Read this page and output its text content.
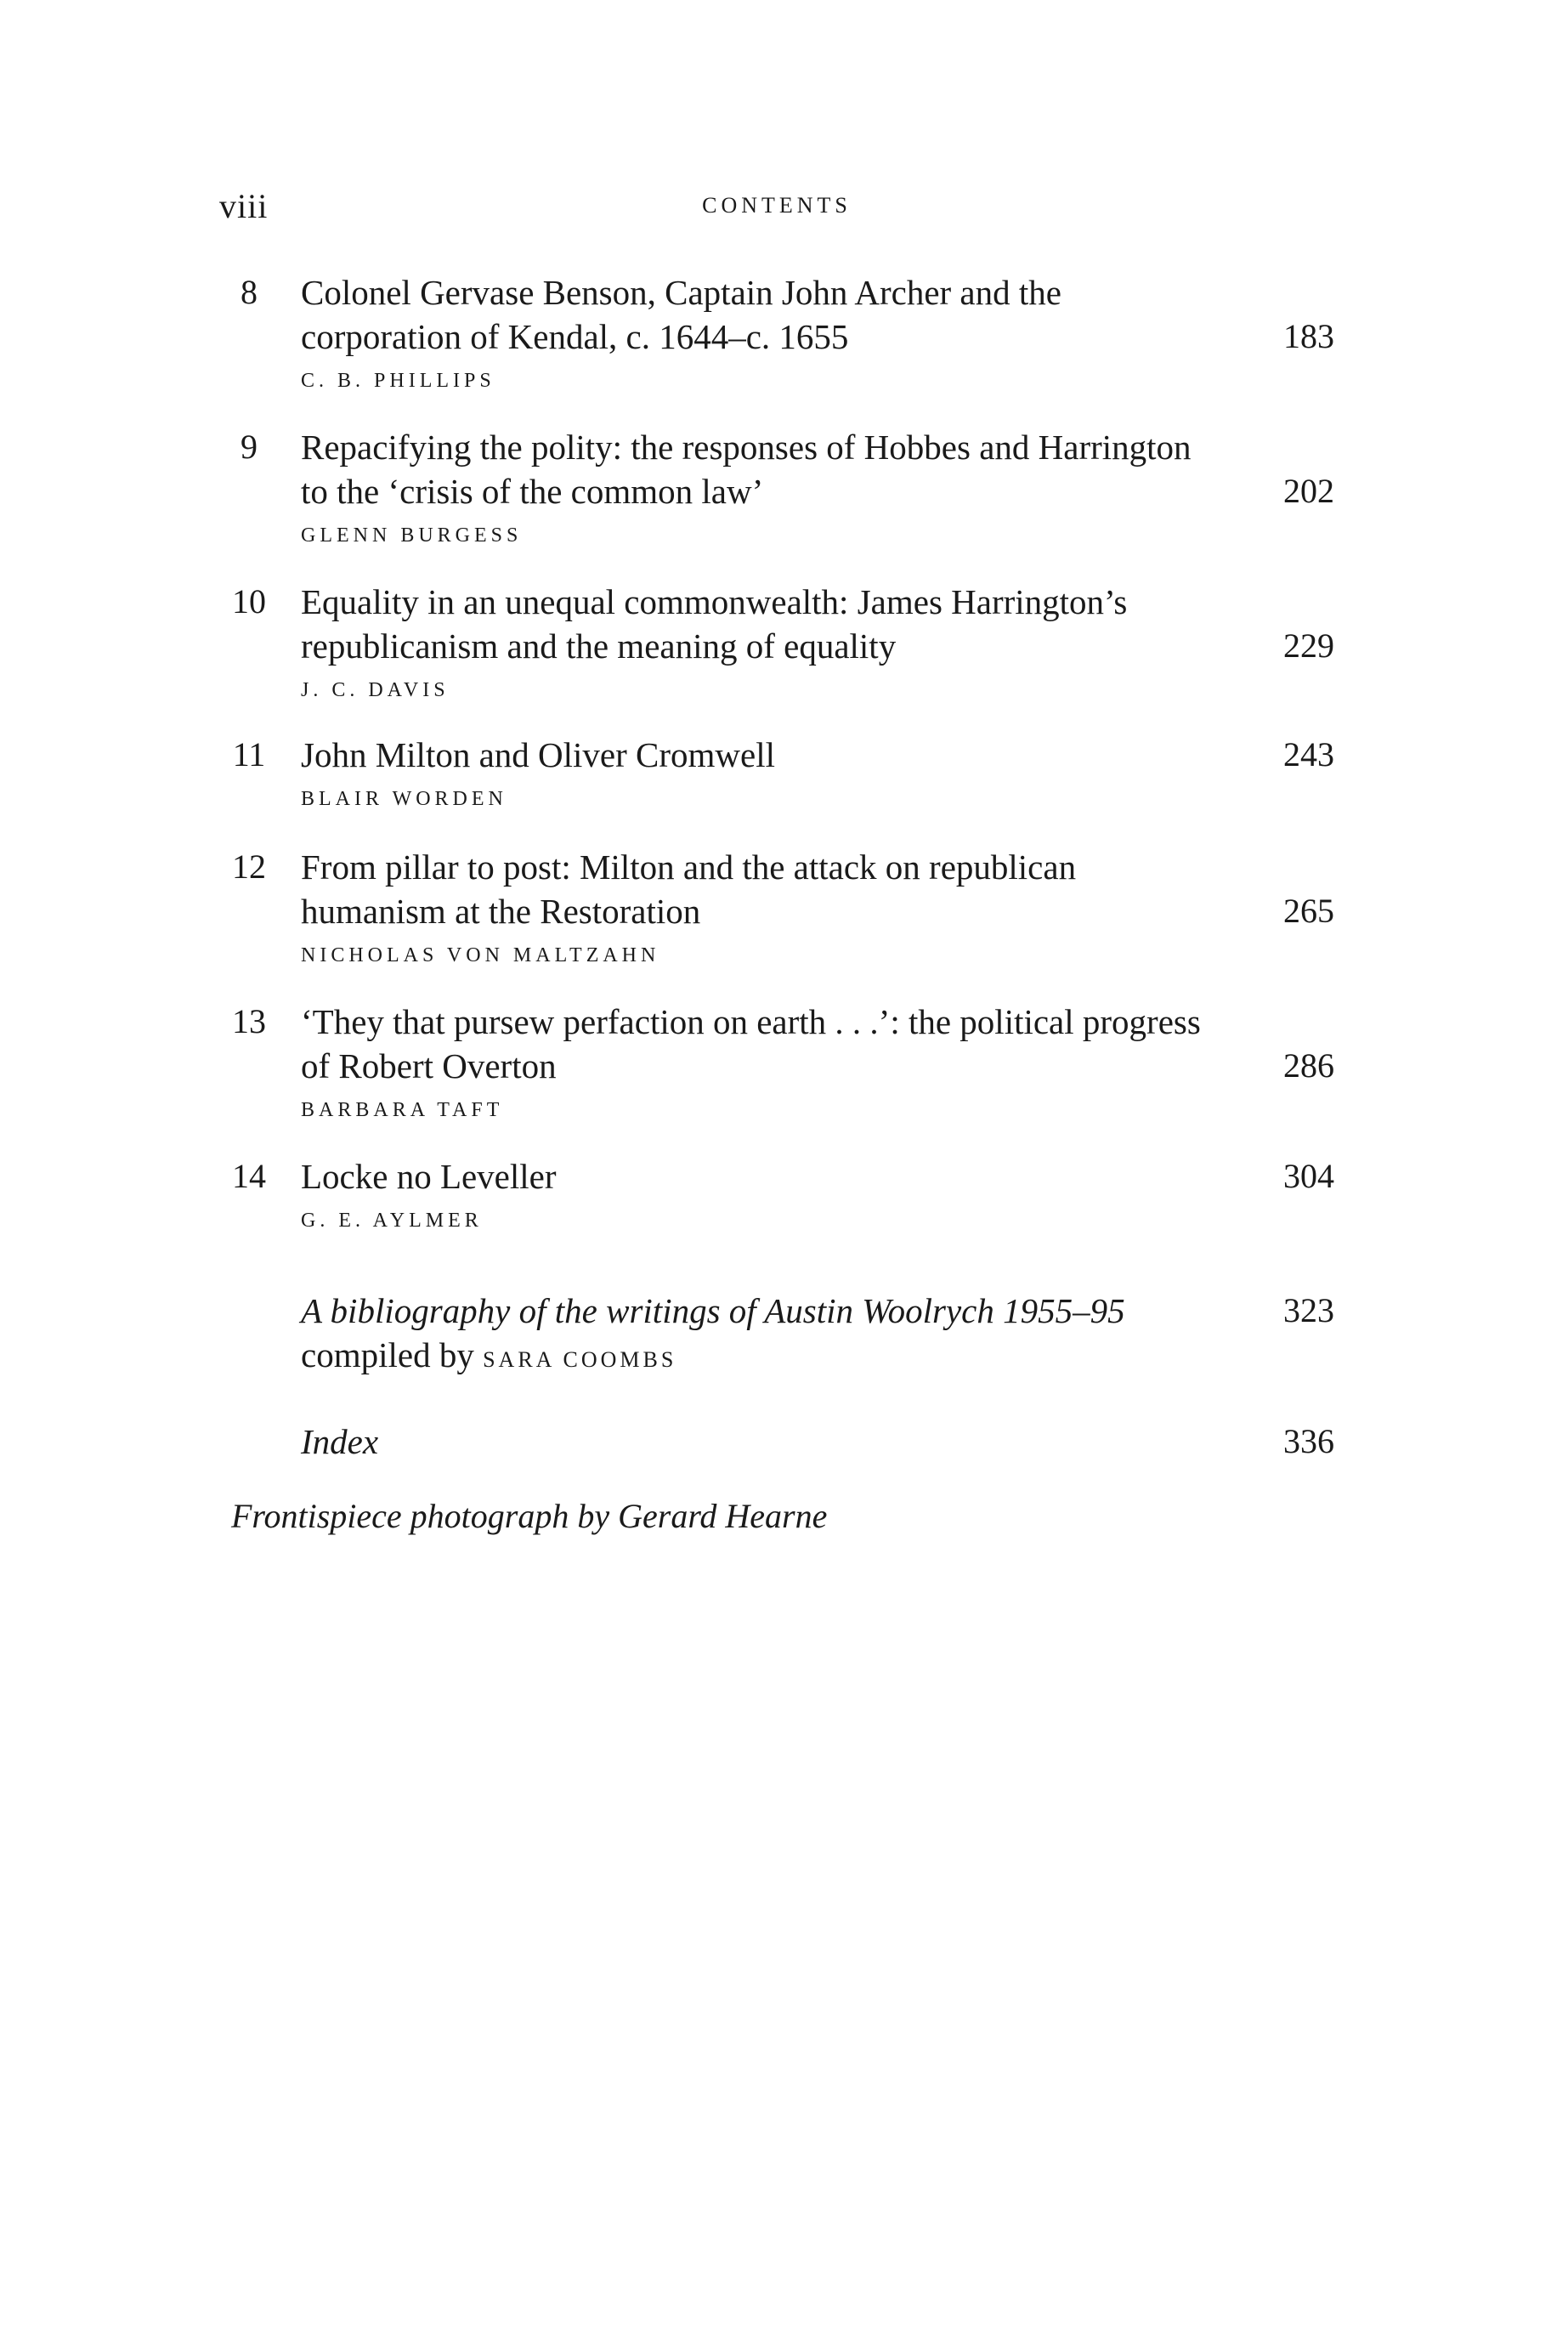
viii	CONTENTS
8	Colonel Gervase Benson, Captain John Archer and the
corporation of Kendal, c. 1644–c. 1655
C. B. PHILLIPS
183
9	Repacifying the polity: the responses of Hobbes and Harrington
to the ‘crisis of the common law’
GLENN BURGESS
202
10	Equality in an unequal commonwealth: James Harrington’s
republicanism and the meaning of equality
J. C. DAVIS
229
11	John Milton and Oliver Cromwell
BLAIR WORDEN
243
12	From pillar to post: Milton and the attack on republican
humanism at the Restoration
NICHOLAS VON MALTZAHN
265
13	‘They that pursew perfaction on earth . . .’: the political progress
of Robert Overton
BARBARA TAFT
286
14	Locke no Leveller
G. E. AYLMER
304
A bibliography of the writings of Austin Woolrych 1955–95
compiled by SARA COOMBS
323
Index	336
Frontispiece photograph by Gerard Hearne
